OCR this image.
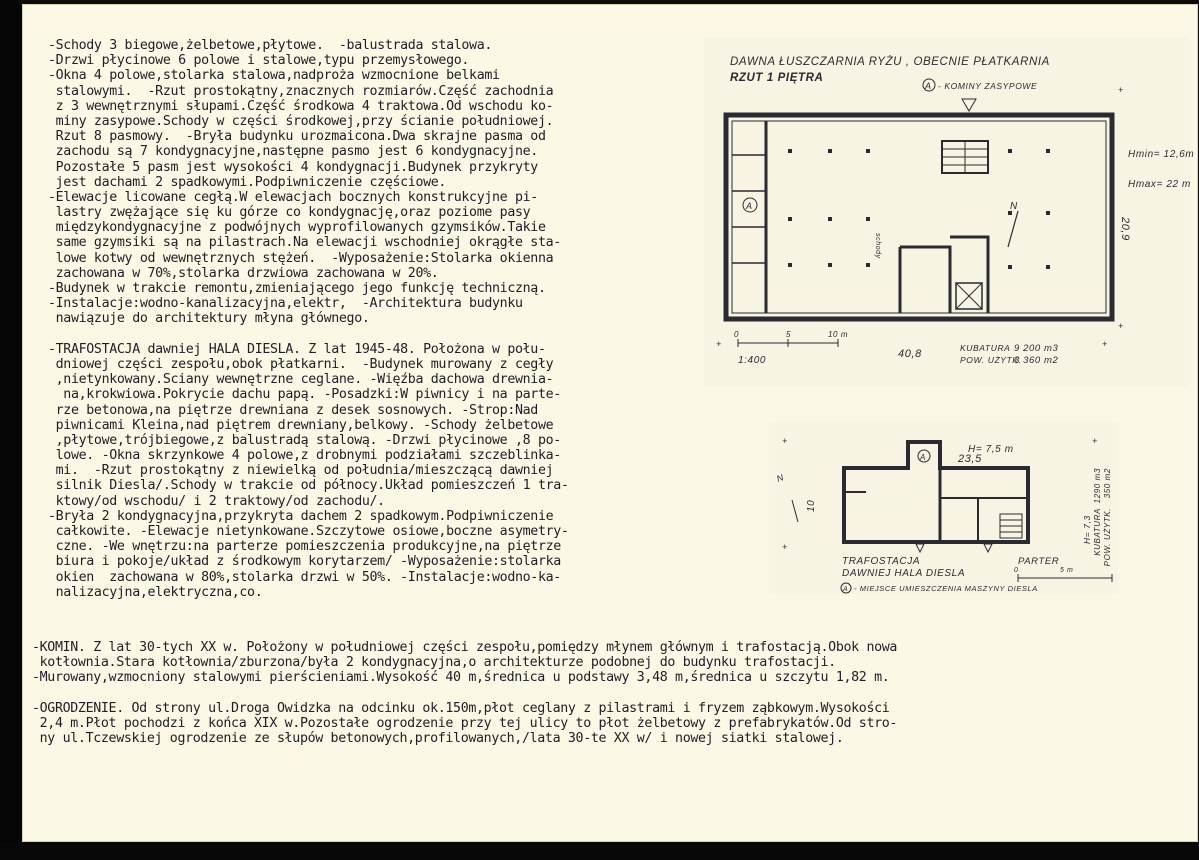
-Schody 3 biegowe,żelbetowe,płytowe.  -balustrada stalowa.
-Drzwi płycinowe 6 polowe i stalowe,typu przemysłowego.
-Okna 4 polowe,stolarka stalowa,nadproża wzmocnione belkami
stalowymi.  -Rzut prostokątny,znacznych rozmiarów.Część zachodnia
z 3 wewnętrznymi słupami.Część środkowa 4 traktowa.Od wschodu ko-
miny zasypowe.Schody w części środkowej,przy ścianie południowej.
Rzut 8 pasmowy.  -Bryła budynku urozmaicona.Dwa skrajne pasma od
zachodu są 7 kondygnacyjne,następne pasmo jest 6 kondygnacyjne.
Pozostałe 5 pasm jest wysokości 4 kondygnacji.Budynek przykryty
jest dachami 2 spadkowymi.Podpiwniczenie częściowe.
-Elewacje licowane cegłą.W elewacjach bocznych konstrukcyjne pi-
lastry zwężające się ku górze co kondygnację,oraz poziome pasy
międzykondygnacyjne z podwójnych wyprofilowanych gzymsików.Takie
same gzymsiki są na pilastrach.Na elewacji wschodniej okrągłe sta-
lowe kotwy od wewnętrznych stężeń.  -Wyposażenie:Stolarka okienna
zachowana w 70%,stolarka drzwiowa zachowana w 20%.
-Budynek w trakcie remontu,zmieniającego jego funkcję techniczną.
-Instalacje:wodno-kanalizacyjna,elektr,  -Architektura budynku
nawiązuje do architektury młyna głównego.
-TRAFOSTACJA dawniej HALA DIESLA. Z lat 1945-48. Położona w połu-
dniowej części zespołu,obok płatkarni.  -Budynek murowany z cegły
,nietynkowany.Sciany wewnętrzne ceglane. -Więźba dachowa drewnia-
na,krokwiowa.Pokrycie dachu papą. -Posadzki:W piwnicy i na parte-
rze betonowa,na piętrze drewniana z desek sosnowych. -Strop:Nad
piwnicami Kleina,nad piętrem drewniany,belkowy. -Schody żelbetowe
,płytowe,trójbiegowe,z balustradą stalową. -Drzwi płycinowe ,8 po-
lowe. -Okna skrzynkowe 4 polowe,z drobnymi podziałami szczeblinka-
mi.  -Rzut prostokątny z niewielką od południa/mieszczącą dawniej
silnik Diesla/.Schody w trakcie od północy.Układ pomieszczeń 1 tra-
ktowy/od wschodu/ i 2 traktowy/od zachodu/.
-Bryła 2 kondygnacyjna,przykryta dachem 2 spadkowym.Podpiwniczenie
całkowite. -Elewacje nietynkowane.Szczytowe osiowe,boczne asymetry-
czne. -We wnętrzu:na parterze pomieszczenia produkcyjne,na piętrze
biura i pokoje/układ z środkowym korytarzem/ -Wyposażenie:stolarka
okien  zachowana w 80%,stolarka drzwi w 50%. -Instalacje:wodno-ka-
nalizacyjna,elektryczna,co.
-KOMIN. Z lat 30-tych XX w. Położony w południowej części zespołu,pomiędzy młynem głównym i trafostacją.Obok nowa
kotłownia.Stara kotłownia/zburzona/była 2 kondygnacyjna,o architekturze podobnej do budynku trafostacji.
-Murowany,wzmocniony stalowymi pierścieniami.Wysokość 40 m,średnica u podstawy 3,48 m,średnica u szczytu 1,82 m.
-OGRODZENIE. Od strony ul.Droga Owidzka na odcinku ok.150m,płot ceglany z pilastrami i fryzem ząbkowym.Wysokości
2,4 m.Płot pochodzi z końca XIX w.Pozostałe ogrodzenie przy tej ulicy to płot żelbetowy z prefabrykatów.Od stro-
ny ul.Tczewskiej ogrodzenie ze słupów betonowych,profilowanych,/lata 30-te XX w/ i nowej siatki stalowej.
DAWNA ŁUSZCZARNIA RYŻU , OBECNIE PŁATKARNIA
RZUT 1 PIĘTRA
A - KOMINY ZASYPOWE
A
schody
N
+
+
+	+
Hmin= 12,6m
Hmax= 22 m
20,9
0	5	10 m
1:400
40,8	KUBATURA 9 200 m3
POW. UŻYTK.
3 360 m2
+	+
+
A	23,5
H= 7,5 m
10
N
TRAFOSTACJA
DAWNIEJ HALA DIESLA
PARTER
0	5 m
A - MIEJSCE UMIESZCZENIA MASZYNY DIESLA
1290 m3 350 m2
KUBATURA POW. UŻYTK.
H= 7,3
